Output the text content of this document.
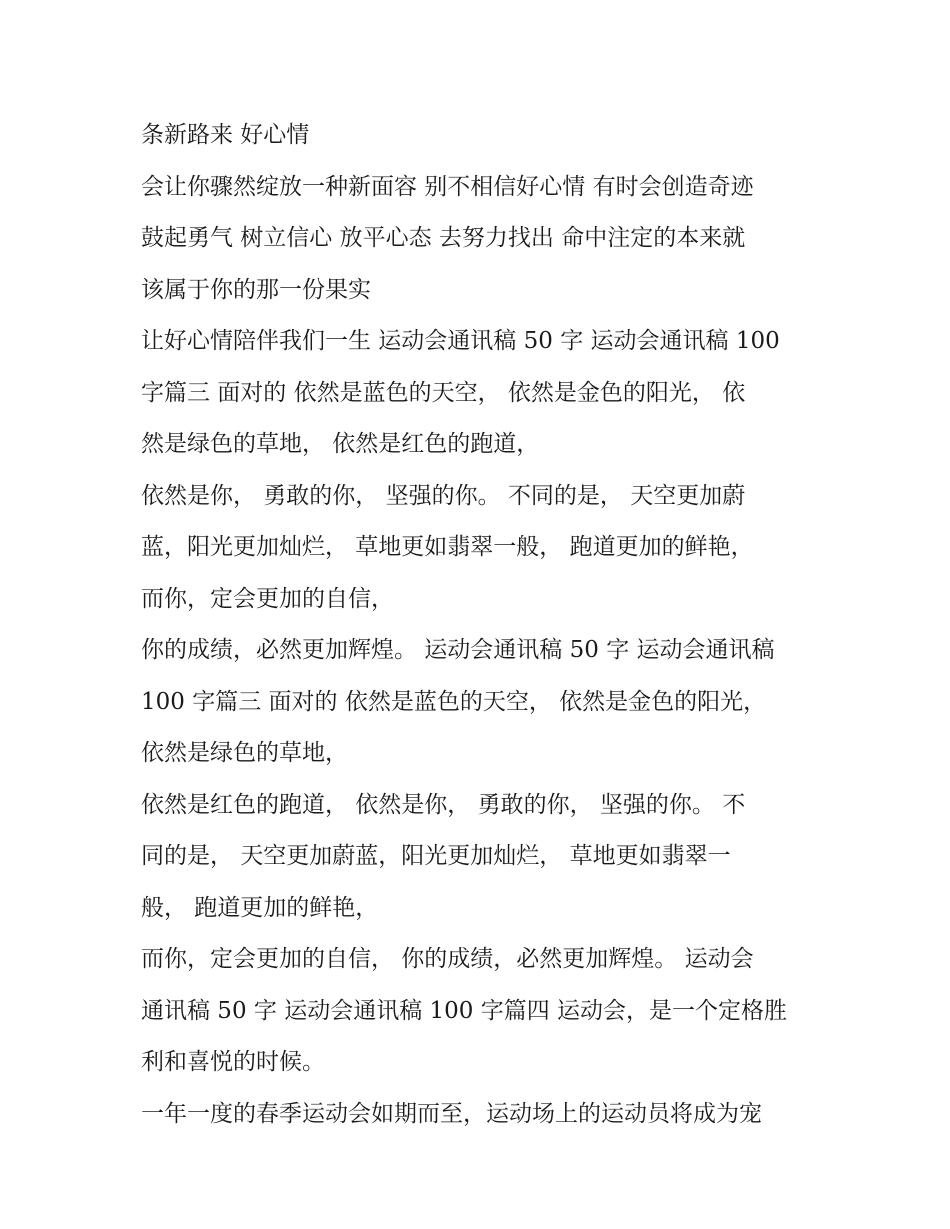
条新路来 好心情
会让你骤然绽放一种新面容 别不相信好心情 有时会创造奇迹
鼓起勇气 树立信心 放平心态 去努力找出 命中注定的本来就
该属于你的那一份果实
让好心情陪伴我们一生 运动会通讯稿 50 字 运动会通讯稿 100
字篇三 面对的 依然是蓝色的天空， 依然是金色的阳光， 依
然是绿色的草地， 依然是红色的跑道，
依然是你， 勇敢的你， 坚强的你。 不同的是， 天空更加蔚
蓝，阳光更加灿烂， 草地更如翡翠一般， 跑道更加的鲜艳，
而你，定会更加的自信，
你的成绩，必然更加辉煌。 运动会通讯稿 50 字 运动会通讯稿
100 字篇三 面对的 依然是蓝色的天空， 依然是金色的阳光，
依然是绿色的草地，
依然是红色的跑道， 依然是你， 勇敢的你， 坚强的你。 不
同的是， 天空更加蔚蓝，阳光更加灿烂， 草地更如翡翠一
般， 跑道更加的鲜艳，
而你，定会更加的自信， 你的成绩，必然更加辉煌。 运动会
通讯稿 50 字 运动会通讯稿 100 字篇四 运动会，是一个定格胜
利和喜悦的时候。
一年一度的春季运动会如期而至，运动场上的运动员将成为宠
